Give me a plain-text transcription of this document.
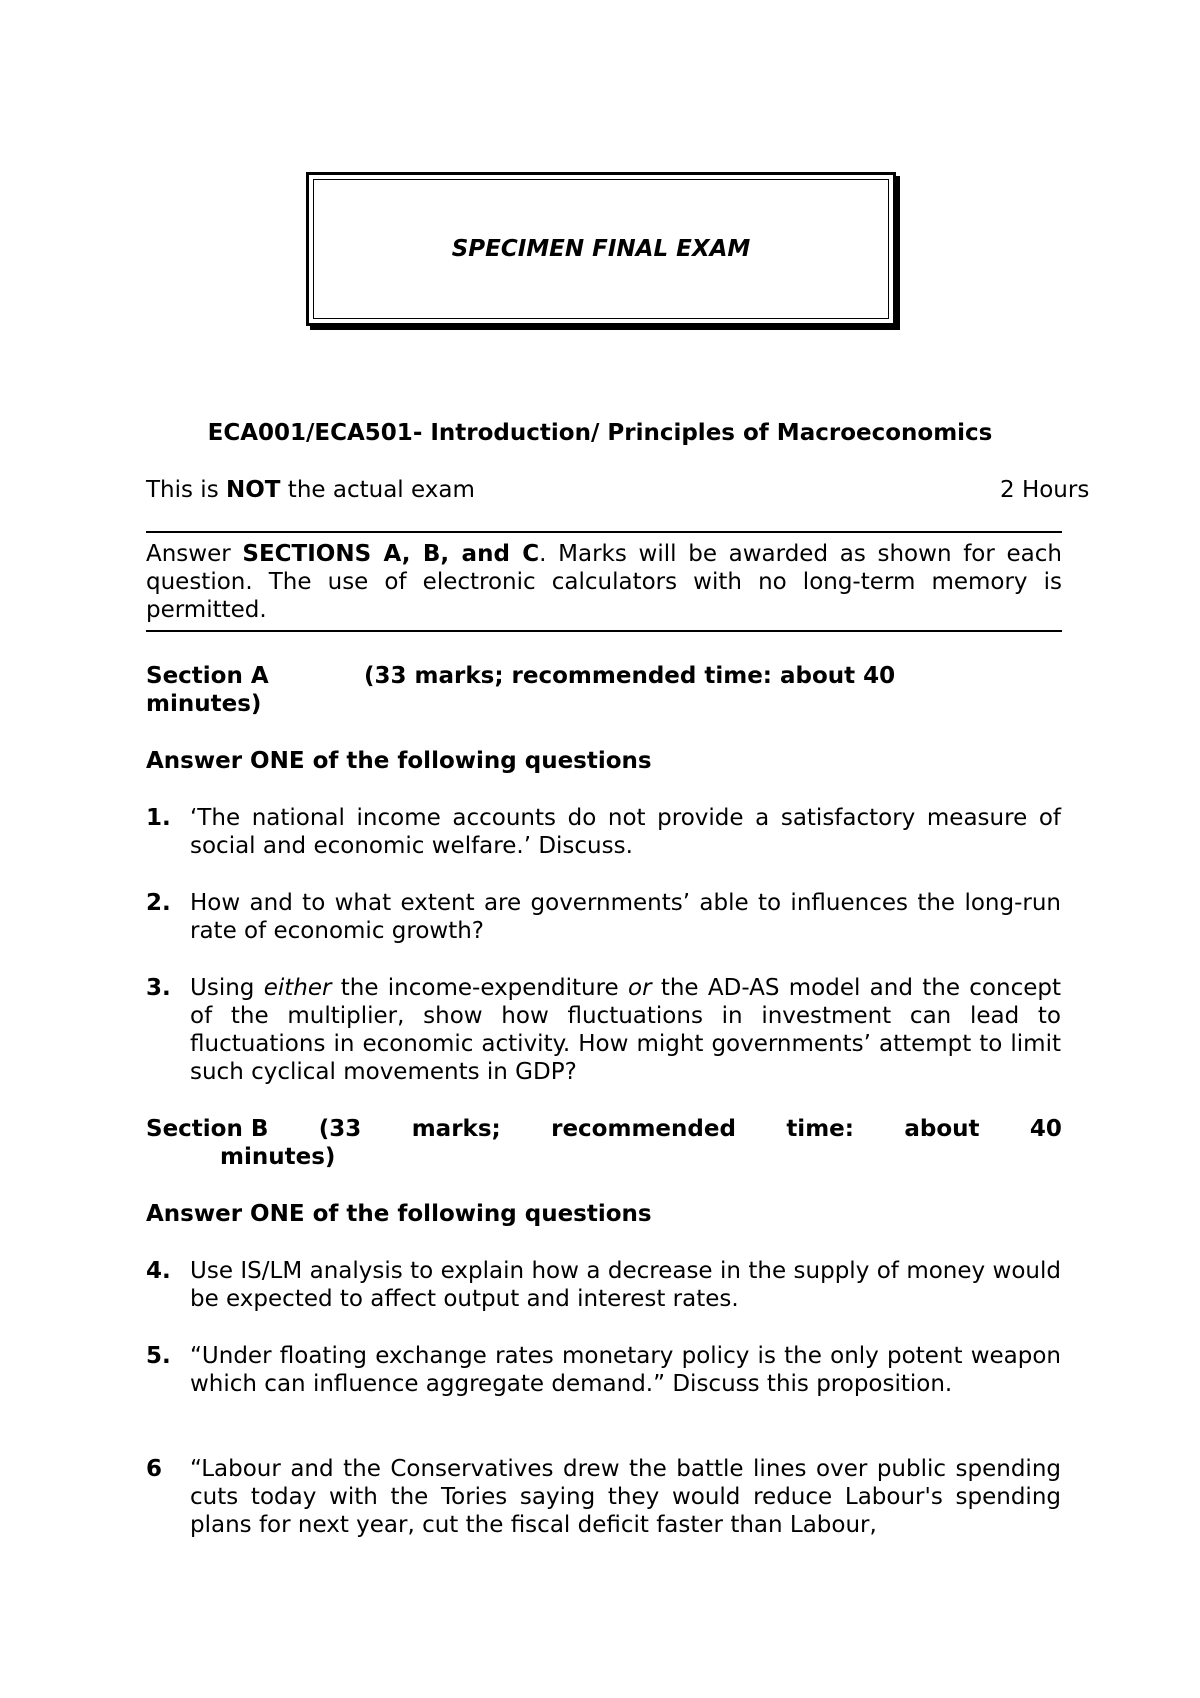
SPECIMEN FINAL EXAM
ECA001/ECA501- Introduction/ Principles of Macroeconomics
This is NOT the actual exam	2 Hours
Answer SECTIONS A, B, and C. Marks will be awarded as shown for each question. The use of electronic calculators with no long-term memory is permitted.
Section A	(33 marks; recommended time: about 40
minutes)
Answer ONE of the following questions
1. ‘The national income accounts do not provide a satisfactory measure of social and economic welfare.’ Discuss.
2. How and to what extent are governments’ able to influences the long-run rate of economic growth?
3. Using either the income-expenditure or the AD-AS model and the concept of the multiplier, show how fluctuations in investment can lead to fluctuations in economic activity. How might governments’ attempt to limit such cyclical movements in GDP?
Section B (33 marks; recommended time: about 40
minutes)
Answer ONE of the following questions
4. Use IS/LM analysis to explain how a decrease in the supply of money would be expected to affect output and interest rates.
5. “Under floating exchange rates monetary policy is the only potent weapon which can influence aggregate demand.” Discuss this proposition.
6 “Labour and the Conservatives drew the battle lines over public spending cuts today with the Tories saying they would reduce Labour's spending plans for next year, cut the fiscal deficit faster than Labour,
